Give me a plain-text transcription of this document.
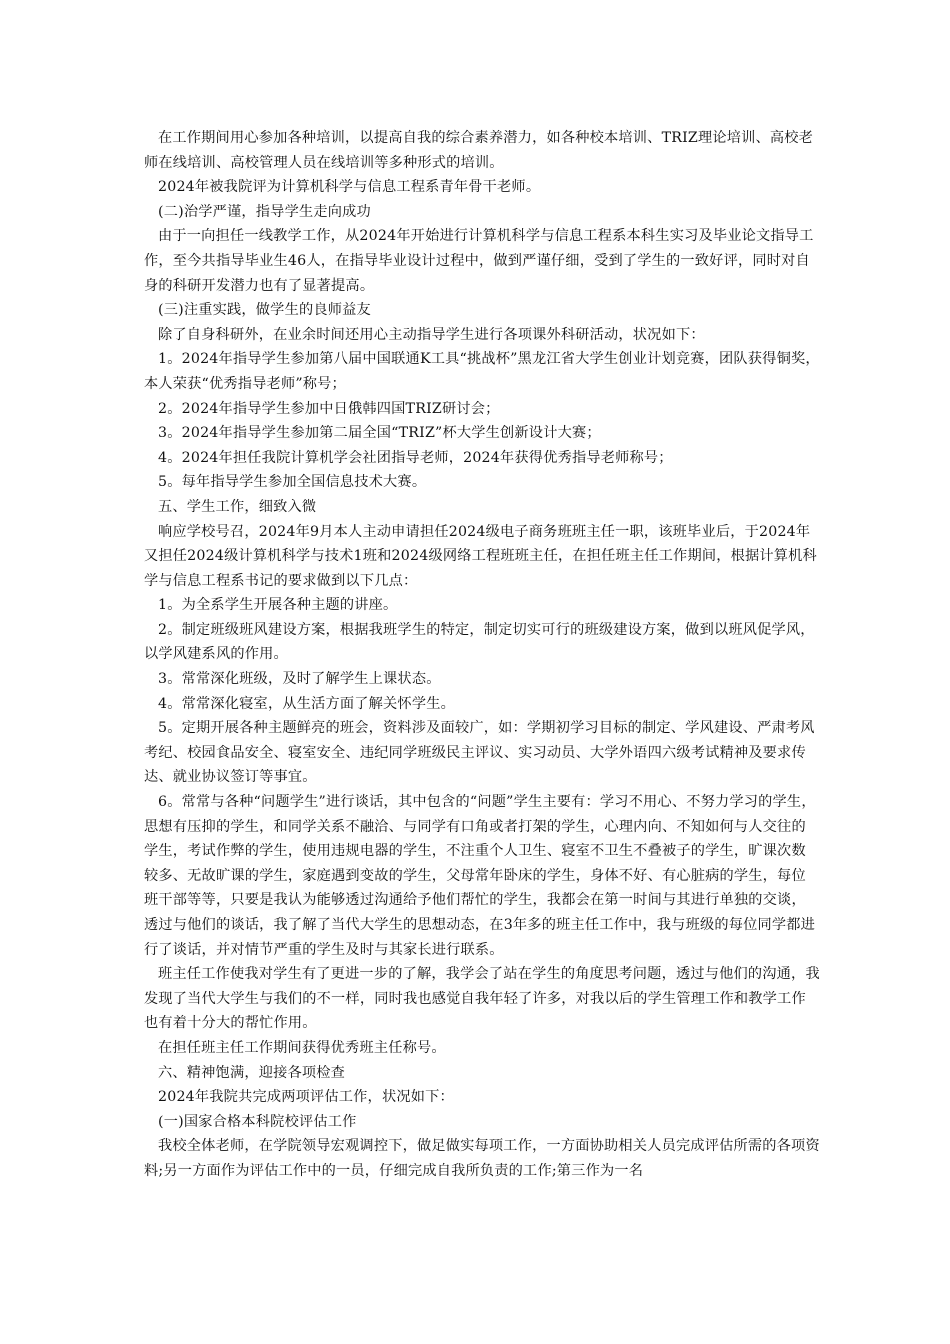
在工作期间用心参加各种培训，以提高自我的综合素养潜力，如各种校本培训、TRIZ理论培训、高校老师在线培训、高校管理人员在线培训等多种形式的培训。

2024年被我院评为计算机科学与信息工程系青年骨干老师。

(二)治学严谨，指导学生走向成功

由于一向担任一线教学工作，从2024年开始进行计算机科学与信息工程系本科生实习及毕业论文指导工作，至今共指导毕业生46人，在指导毕业设计过程中，做到严谨仔细，受到了学生的一致好评，同时对自身的科研开发潜力也有了显著提高。

(三)注重实践，做学生的良师益友

除了自身科研外，在业余时间还用心主动指导学生进行各项课外科研活动，状况如下：

1。2024年指导学生参加第八届中国联通K工具“挑战杯”黑龙江省大学生创业计划竞赛，团队获得铜奖，本人荣获“优秀指导老师”称号；

2。2024年指导学生参加中日俄韩四国TRIZ研讨会；

3。2024年指导学生参加第二届全国“TRIZ”杯大学生创新设计大赛；

4。2024年担任我院计算机学会社团指导老师，2024年获得优秀指导老师称号；

5。每年指导学生参加全国信息技术大赛。

五、学生工作，细致入微

响应学校号召，2024年9月本人主动申请担任2024级电子商务班班主任一职，该班毕业后，于2024年又担任2024级计算机科学与技术1班和2024级网络工程班班主任，在担任班主任工作期间，根据计算机科学与信息工程系书记的要求做到以下几点：

1。为全系学生开展各种主题的讲座。

2。制定班级班风建设方案，根据我班学生的特定，制定切实可行的班级建设方案，做到以班风促学风，以学风建系风的作用。

3。常常深化班级，及时了解学生上课状态。

4。常常深化寝室，从生活方面了解关怀学生。

5。定期开展各种主题鲜亮的班会，资料涉及面较广，如：学期初学习目标的制定、学风建设、严肃考风考纪、校园食品安全、寝室安全、违纪同学班级民主评议、实习动员、大学外语四六级考试精神及要求传达、就业协议签订等事宜。

6。常常与各种“问题学生”进行谈话，其中包含的“问题”学生主要有：学习不用心、不努力学习的学生，思想有压抑的学生，和同学关系不融洽、与同学有口角或者打架的学生，心理内向、不知如何与人交往的学生，考试作弊的学生，使用违规电器的学生，不注重个人卫生、寝室不卫生不叠被子的学生，旷课次数较多、无故旷课的学生，家庭遇到变故的学生，父母常年卧床的学生，身体不好、有心脏病的学生，每位班干部等等，只要是我认为能够透过沟通给予他们帮忙的学生，我都会在第一时间与其进行单独的交谈，透过与他们的谈话，我了解了当代大学生的思想动态，在3年多的班主任工作中，我与班级的每位同学都进行了谈话，并对情节严重的学生及时与其家长进行联系。

班主任工作使我对学生有了更进一步的了解，我学会了站在学生的角度思考问题，透过与他们的沟通，我发现了当代大学生与我们的不一样，同时我也感觉自我年轻了许多，对我以后的学生管理工作和教学工作也有着十分大的帮忙作用。

在担任班主任工作期间获得优秀班主任称号。

六、精神饱满，迎接各项检查

2024年我院共完成两项评估工作，状况如下：

(一)国家合格本科院校评估工作

我校全体老师，在学院领导宏观调控下，做足做实每项工作，一方面协助相关人员完成评估所需的各项资料;另一方面作为评估工作中的一员，仔细完成自我所负责的工作;第三作为一名
